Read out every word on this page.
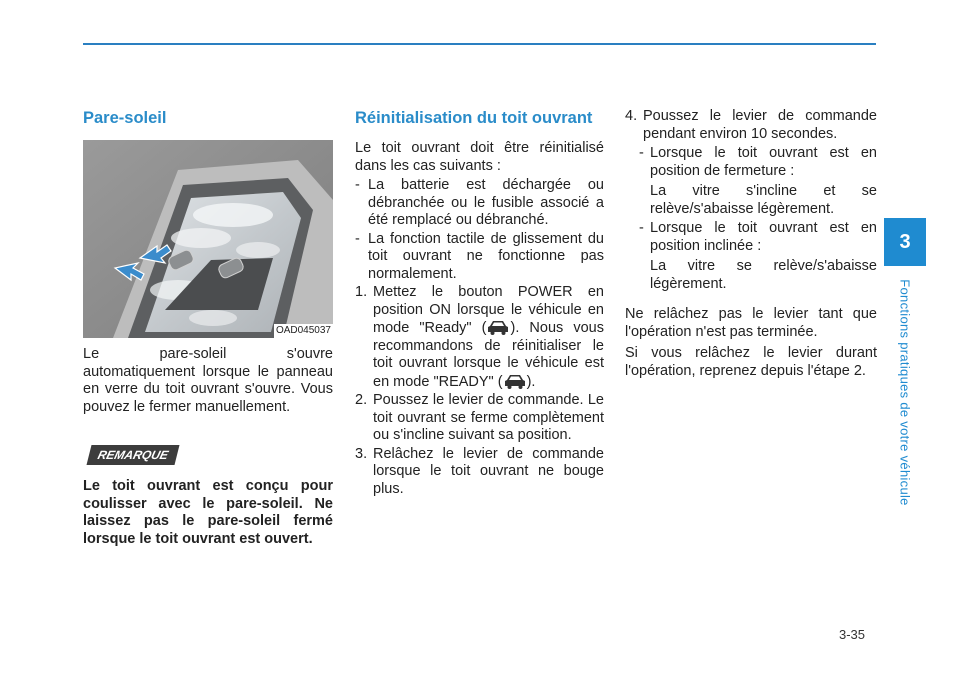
3
Fonctions pratiques de votre véhicule
Pare-soleil
OAD045037

Le pare-soleil s'ouvre automatiquement lorsque le panneau en verre du toit ouvrant s'ouvre. Vous pouvez le fermer manuellement.

REMARQUE

Le toit ouvrant est conçu pour coulisser avec le pare-soleil. Ne laissez pas le pare-soleil fermé lorsque le toit ouvrant est ouvert.

Réinitialisation du toit ouvrant

Le toit ouvrant doit être réinitialisé dans les cas suivants :

- La batterie est déchargée ou débranchée ou le fusible associé a été remplacé ou débranché.
- La fonction tactile de glissement du toit ouvrant ne fonctionne pas normalement.
1. Mettez le bouton POWER en position ON lorsque le véhicule en mode "Ready" ( ). Nous vous recommandons de réinitialiser le toit ouvrant lorsque le véhicule est en mode "READY" ( ).
2. Poussez le levier de commande. Le toit ouvrant se ferme complètement ou s'incline suivant sa position.
3. Relâchez le levier de commande lorsque le toit ouvrant ne bouge plus.
4. Poussez le levier de commande pendant environ 10 secondes.
- Lorsque le toit ouvrant est en position de fermeture :

La vitre s'incline et se relève/s'abaisse légèrement.

- Lorsque le toit ouvrant est en position inclinée :

La vitre se relève/s'abaisse légèrement.

Ne relâchez pas le levier tant que l'opération n'est pas terminée.

Si vous relâchez le levier durant l'opération, reprenez depuis l'étape 2.

3-35
